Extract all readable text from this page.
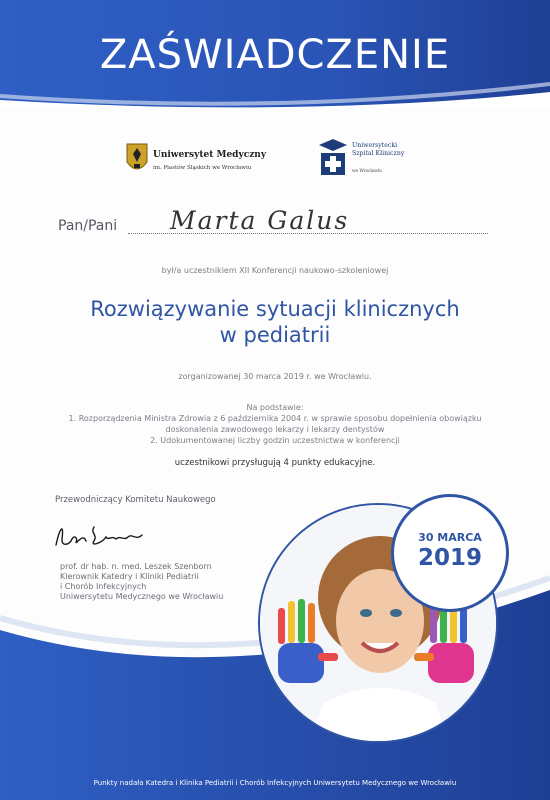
ZAŚWIADCZENIE
Uniwersytet Medyczny
im. Piastów Śląskich we Wrocławiu
Uniwersytecki
Szpital Kliniczny
we Wrocławiu
Pan/Pani Marta Galus
był/a uczestnikiem XII Konferencji naukowo-szkoleniowej
Rozwiązywanie sytuacji klinicznych
w pediatrii
zorganizowanej 30 marca 2019 r. we Wrocławiu.
Na podstawie:
1. Rozporządzenia Ministra Zdrowia z 6 października 2004 r. w sprawie sposobu dopełnienia obowiązku
doskonalenia zawodowego lekarzy i lekarzy dentystów
2. Udokumentowanej liczby godzin uczestnictwa w konferencji
uczestnikowi przysługują 4 punkty edukacyjne.
Przewodniczący Komitetu Naukowego
prof. dr hab. n. med. Leszek Szenborn
Kierownik Katedry i Kliniki Pediatrii
i Chorób Infekcyjnych
Uniwersytetu Medycznego we Wrocławiu
30 MARCA
2019
Punkty nadała Katedra i Klinika Pediatrii i Chorób Infekcyjnych Uniwersytetu Medycznego we Wrocławiu
